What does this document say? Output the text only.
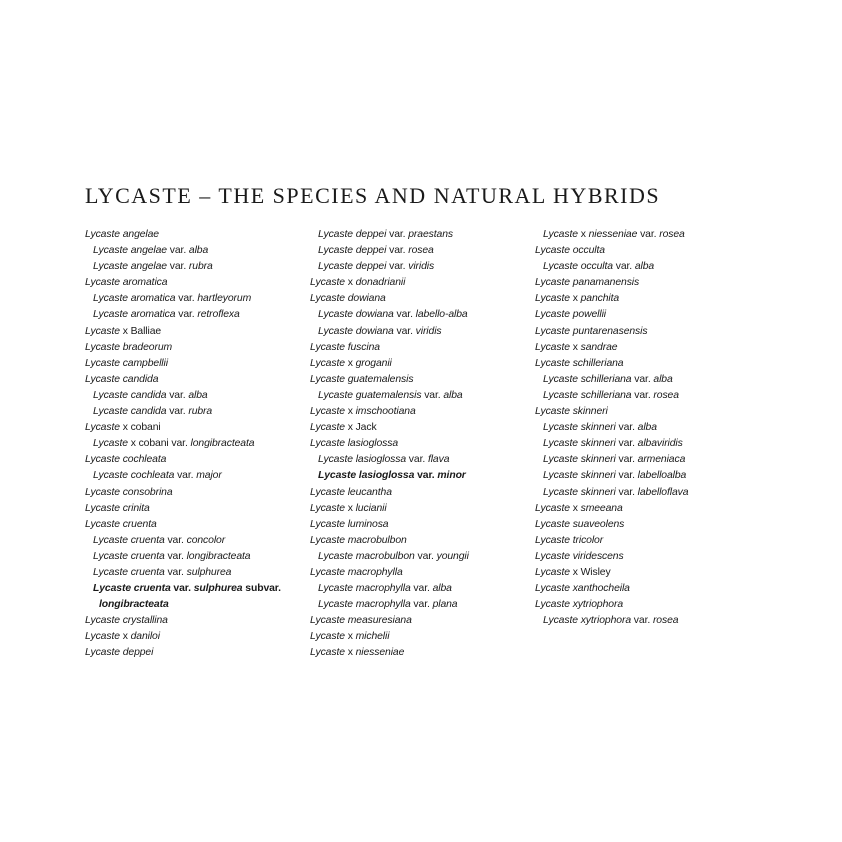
LYCASTE – THE SPECIES AND NATURAL HYBRIDS
Lycaste angelae
Lycaste angelae var. alba
Lycaste angelae var. rubra
Lycaste aromatica
Lycaste aromatica var. hartleyorum
Lycaste aromatica var. retroflexa
Lycaste x Balliae
Lycaste bradeorum
Lycaste campbellii
Lycaste candida
Lycaste candida var. alba
Lycaste candida var. rubra
Lycaste x cobani
Lycaste x cobani var. longibracteata
Lycaste cochleata
Lycaste cochleata var. major
Lycaste consobrina
Lycaste crinita
Lycaste cruenta
Lycaste cruenta var. concolor
Lycaste cruenta var. longibracteata
Lycaste cruenta var. sulphurea
Lycaste cruenta var. sulphurea subvar.
longibracteata
Lycaste crystallina
Lycaste x daniloi
Lycaste deppei
Lycaste deppei var. praestans
Lycaste deppei var. rosea
Lycaste deppei var. viridis
Lycaste x donadrianii
Lycaste dowiana
Lycaste dowiana var. labello-alba
Lycaste dowiana var. viridis
Lycaste fuscina
Lycaste x groganii
Lycaste guatemalensis
Lycaste guatemalensis var. alba
Lycaste x imschootiana
Lycaste x Jack
Lycaste lasioglossa
Lycaste lasioglossa var. flava
Lycaste lasioglossa var. minor
Lycaste leucantha
Lycaste x lucianii
Lycaste luminosa
Lycaste macrobulbon
Lycaste macrobulbon var. youngii
Lycaste macrophylla
Lycaste macrophylla var. alba
Lycaste macrophylla var. plana
Lycaste measuresiana
Lycaste x michelii
Lycaste x niesseniae
Lycaste x niesseniae var. rosea
Lycaste occulta
Lycaste occulta var. alba
Lycaste panamanensis
Lycaste x panchita
Lycaste powellii
Lycaste puntarenasensis
Lycaste x sandrae
Lycaste schilleriana
Lycaste schilleriana var. alba
Lycaste schilleriana var. rosea
Lycaste skinneri
Lycaste skinneri var. alba
Lycaste skinneri var. albaviridis
Lycaste skinneri var. armeniaca
Lycaste skinneri var. labelloalba
Lycaste skinneri var. labelloflava
Lycaste x smeeana
Lycaste suaveolens
Lycaste tricolor
Lycaste viridescens
Lycaste x Wisley
Lycaste xanthocheila
Lycaste xytriophora
Lycaste xytriophora var. rosea
